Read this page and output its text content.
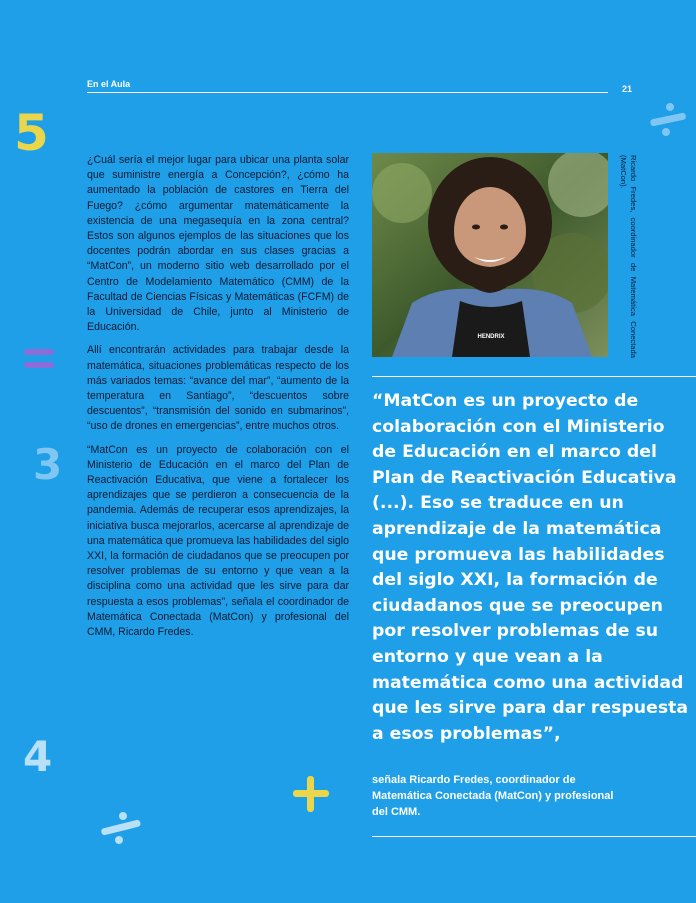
En el Aula	21
5
3
4

¿Cuál sería el mejor lugar para ubicar una planta solar que suministre energía a Concepción?, ¿cómo ha aumentado la población de castores en Tierra del Fuego? ¿cómo argumentar matemáticamente la existencia de una megasequía en la zona central? Estos son algunos ejemplos de las situaciones que los docentes podrán abordar en sus clases gracias a “MatCon”, un moderno sitio web desarrollado por el Centro de Modelamiento Matemático (CMM) de la Facultad de Ciencias Físicas y Matemáticas (FCFM) de la Universidad de Chile, junto al Ministerio de Educación.

Allí encontrarán actividades para trabajar desde la matemática, situaciones problemáticas respecto de los más variados temas: “avance del mar”, “aumento de la temperatura en Santiago”, “descuentos sobre descuentos”, “transmisión del sonido en submarinos”, “uso de drones en emergencias”, entre muchos otros.

“MatCon es un proyecto de colaboración con el Ministerio de Educación en el marco del Plan de Reactivación Educativa, que viene a fortalecer los aprendizajes que se perdieron a consecuencia de la pandemia. Además de recuperar esos aprendizajes, la iniciativa busca mejorarlos, acercarse al aprendizaje de una matemática que promueva las habilidades del siglo XXI, la formación de ciudadanos que se preocupen por resolver problemas de su entorno y que vean a la disciplina como una actividad que les sirve para dar respuesta a esos problemas”, señala el coordinador de Matemática Conectada (MatCon) y profesional del CMM, Ricardo Fredes.

HENDRIX	Ricardo Fredes, coordinador de Matemática Conectada (MatCon).
“MatCon es un proyecto de colaboración con el Ministerio de Educación en el marco del Plan de Reactivación Educativa (...). Eso se traduce en un aprendizaje de la matemática que promueva las habilidades del siglo XXI, la formación de ciudadanos que se preocupen por resolver problemas de su entorno y que vean a la matemática como una actividad que les sirve para dar respuesta a esos problemas”,
señala Ricardo Fredes, coordinador de Matemática Conectada (MatCon) y profesional del CMM.
